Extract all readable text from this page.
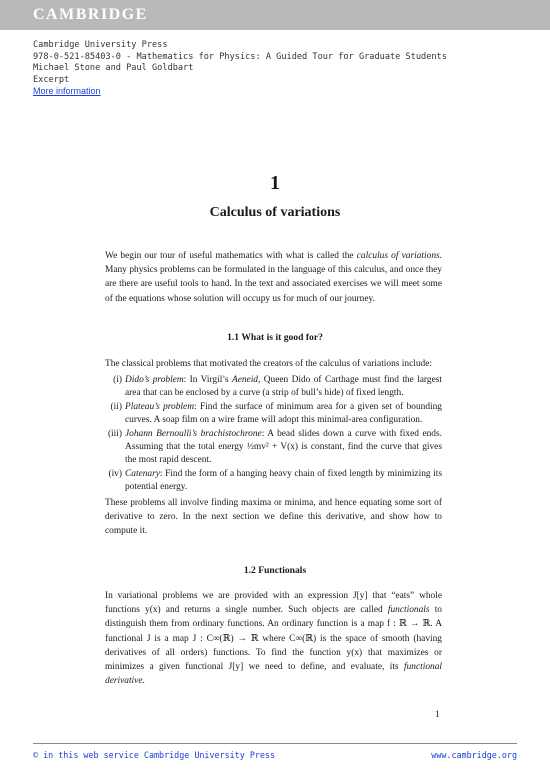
CAMBRIDGE
Cambridge University Press
978-0-521-85403-0 - Mathematics for Physics: A Guided Tour for Graduate Students
Michael Stone and Paul Goldbart
Excerpt
More information
1
Calculus of variations
We begin our tour of useful mathematics with what is called the calculus of variations. Many physics problems can be formulated in the language of this calculus, and once they are there are useful tools to hand. In the text and associated exercises we will meet some of the equations whose solution will occupy us for much of our journey.
1.1 What is it good for?
The classical problems that motivated the creators of the calculus of variations include:
(i) Dido’s problem: In Virgil’s Aeneid, Queen Dido of Carthage must find the largest area that can be enclosed by a curve (a strip of bull’s hide) of fixed length.
(ii) Plateau’s problem: Find the surface of minimum area for a given set of bounding curves. A soap film on a wire frame will adopt this minimal-area configuration.
(iii) Johann Bernoulli’s brachistochrone: A bead slides down a curve with fixed ends. Assuming that the total energy ½mv² + V(x) is constant, find the curve that gives the most rapid descent.
(iv) Catenary: Find the form of a hanging heavy chain of fixed length by minimizing its potential energy.
These problems all involve finding maxima or minima, and hence equating some sort of derivative to zero. In the next section we define this derivative, and show how to compute it.
1.2 Functionals
In variational problems we are provided with an expression J[y] that “eats” whole functions y(x) and returns a single number. Such objects are called functionals to distinguish them from ordinary functions. An ordinary function is a map f : ℝ → ℝ. A functional J is a map J : C∞(ℝ) → ℝ where C∞(ℝ) is the space of smooth (having derivatives of all orders) functions. To find the function y(x) that maximizes or minimizes a given functional J[y] we need to define, and evaluate, its functional derivative.
1
© in this web service Cambridge University Press	www.cambridge.org
